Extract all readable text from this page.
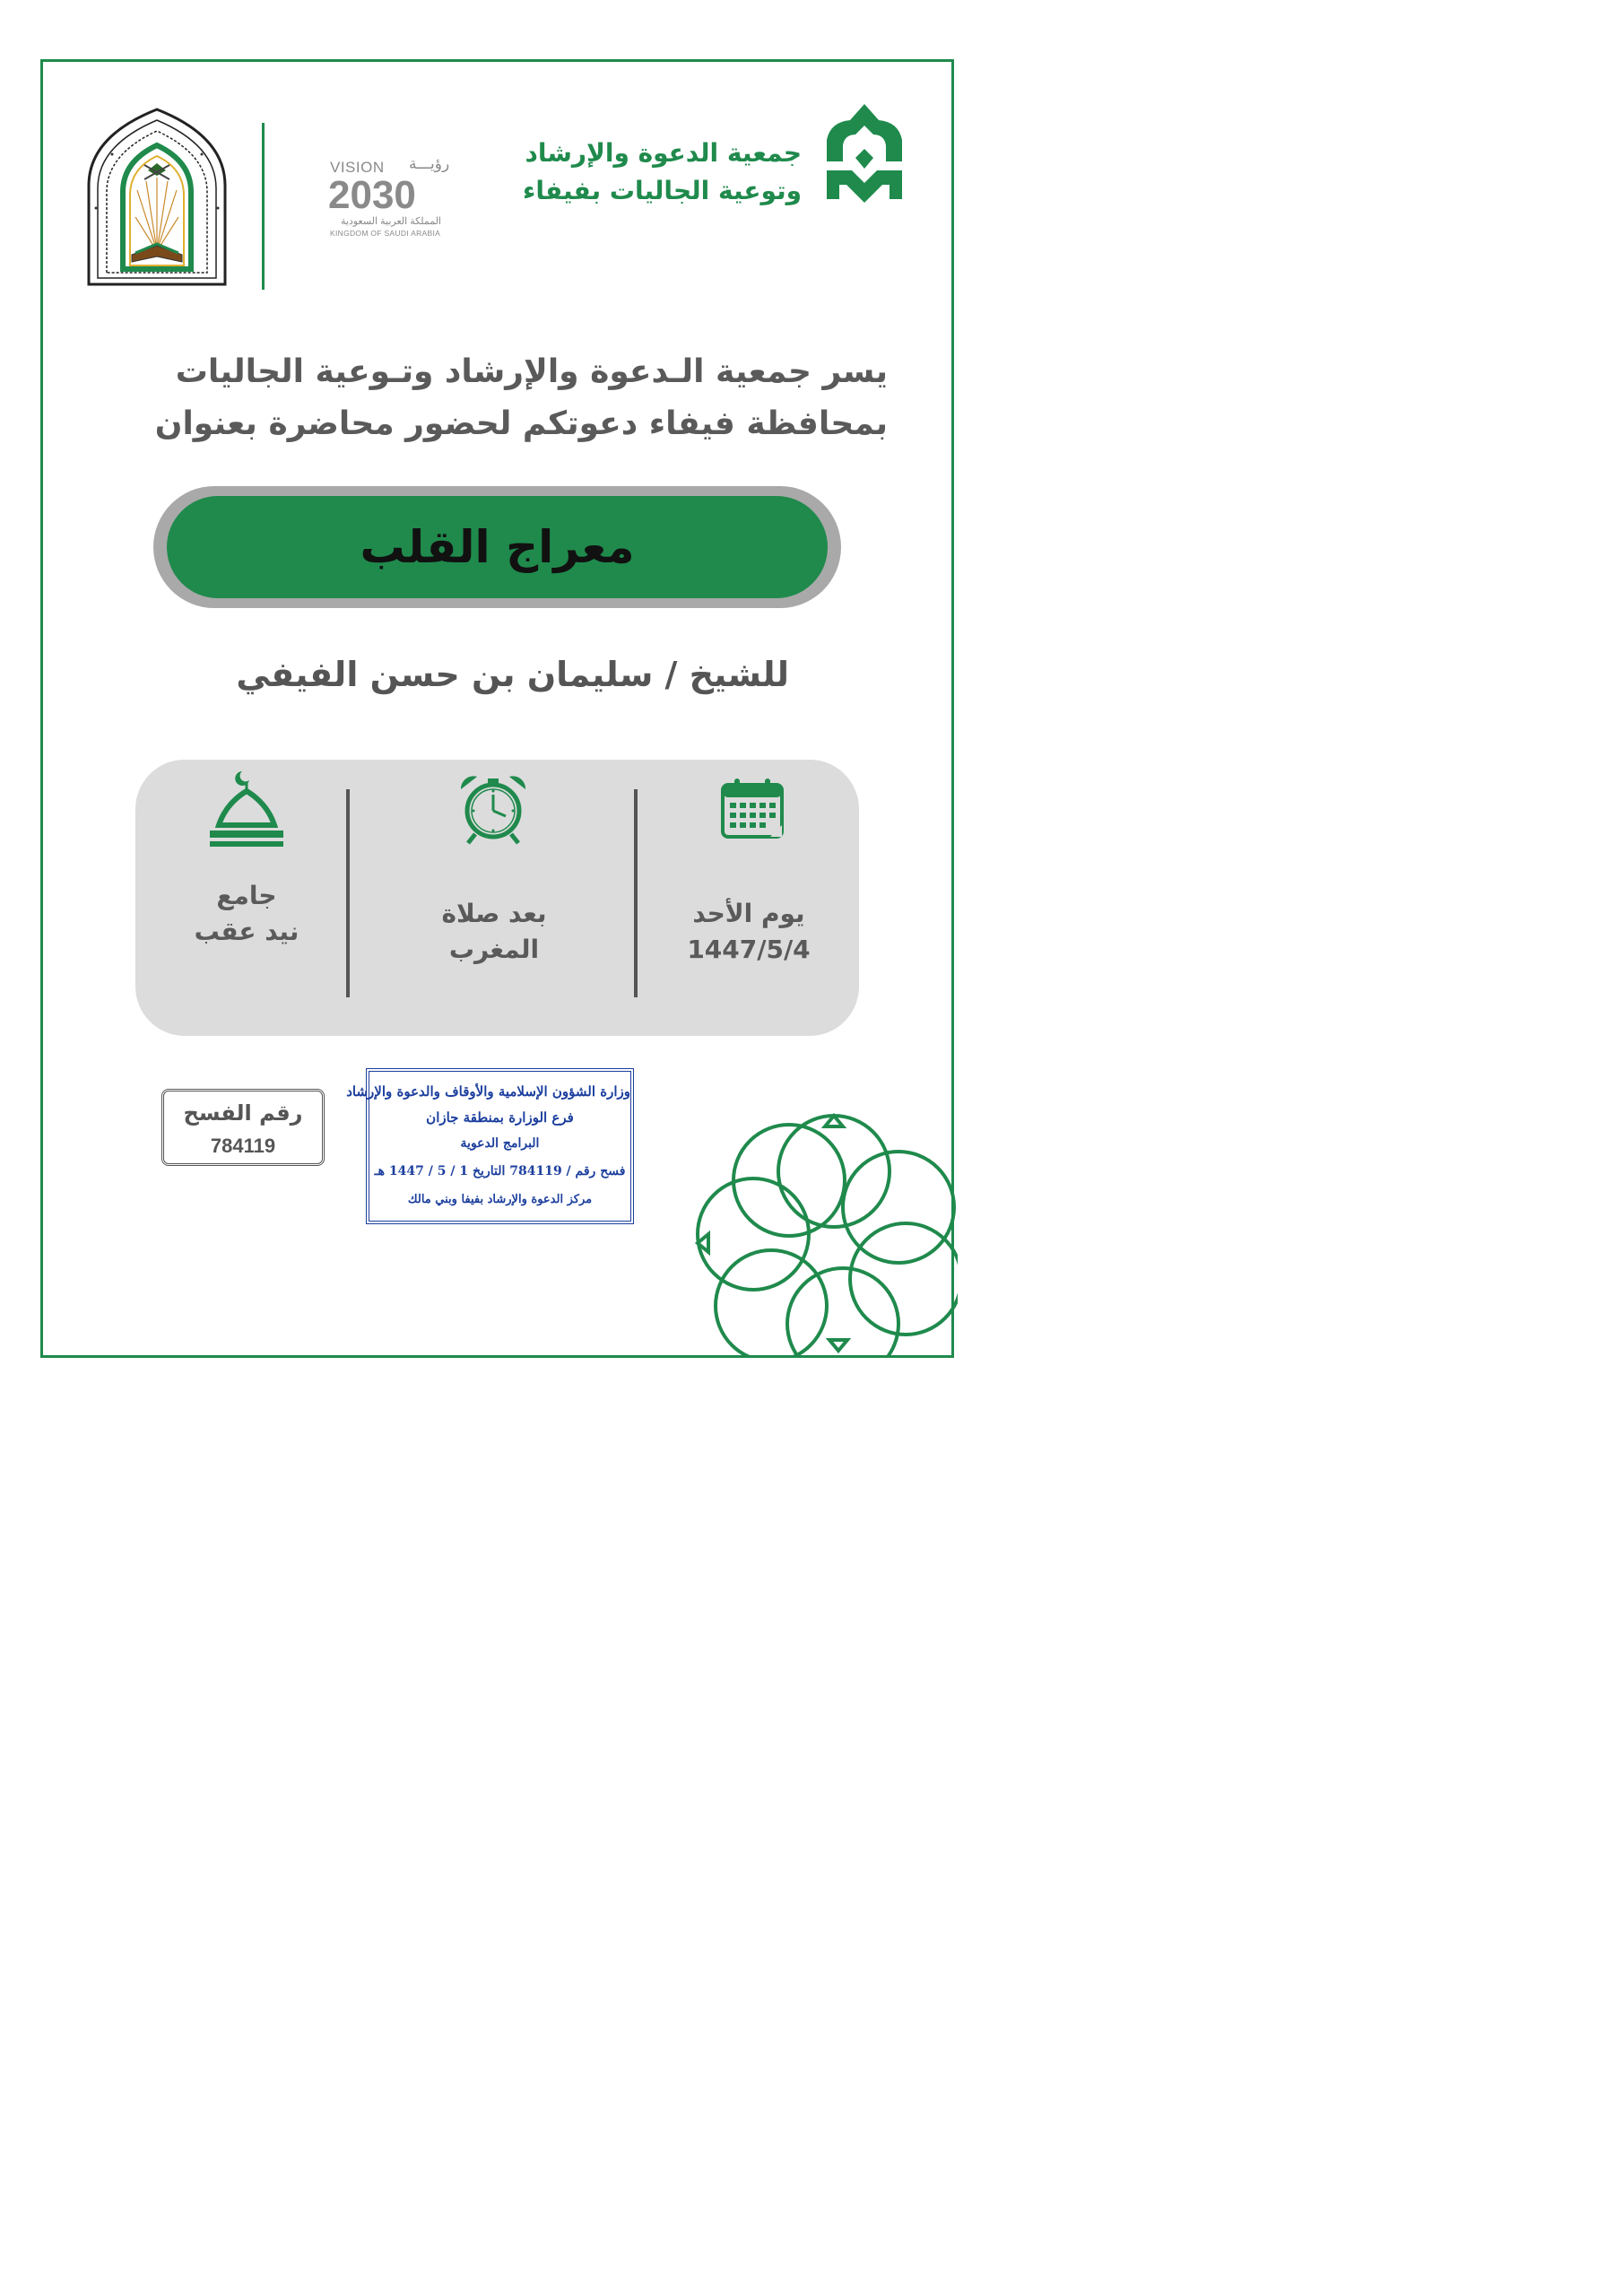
VISION رؤيـــة
2030
المملكة العربية السعودية
KINGDOM OF SAUDI ARABIA
جمعية الدعوة والإرشاد
وتوعية الجاليات بفيفاء
يسر جمعية الـدعوة والإرشاد وتـوعية الجاليات
بمحافظة فيفاء دعوتكم لحضور محاضرة بعنوان
معراج القلب
للشيخ / سليمان بن حسن الفيفي
يوم الأحد
1447/5/4
بعد صلاة
المغرب
جامع
نيد عقب
رقم الفسح
784119
وزارة الشؤون الإسلامية والأوقاف والدعوة والإرشاد
فرع الوزارة بمنطقة جازان
البرامج الدعوية
فسح رقم / 784119 التاريخ 1 / 5 / 1447 هـ
مركز الدعوة والإرشاد بفيفا وبني مالك
